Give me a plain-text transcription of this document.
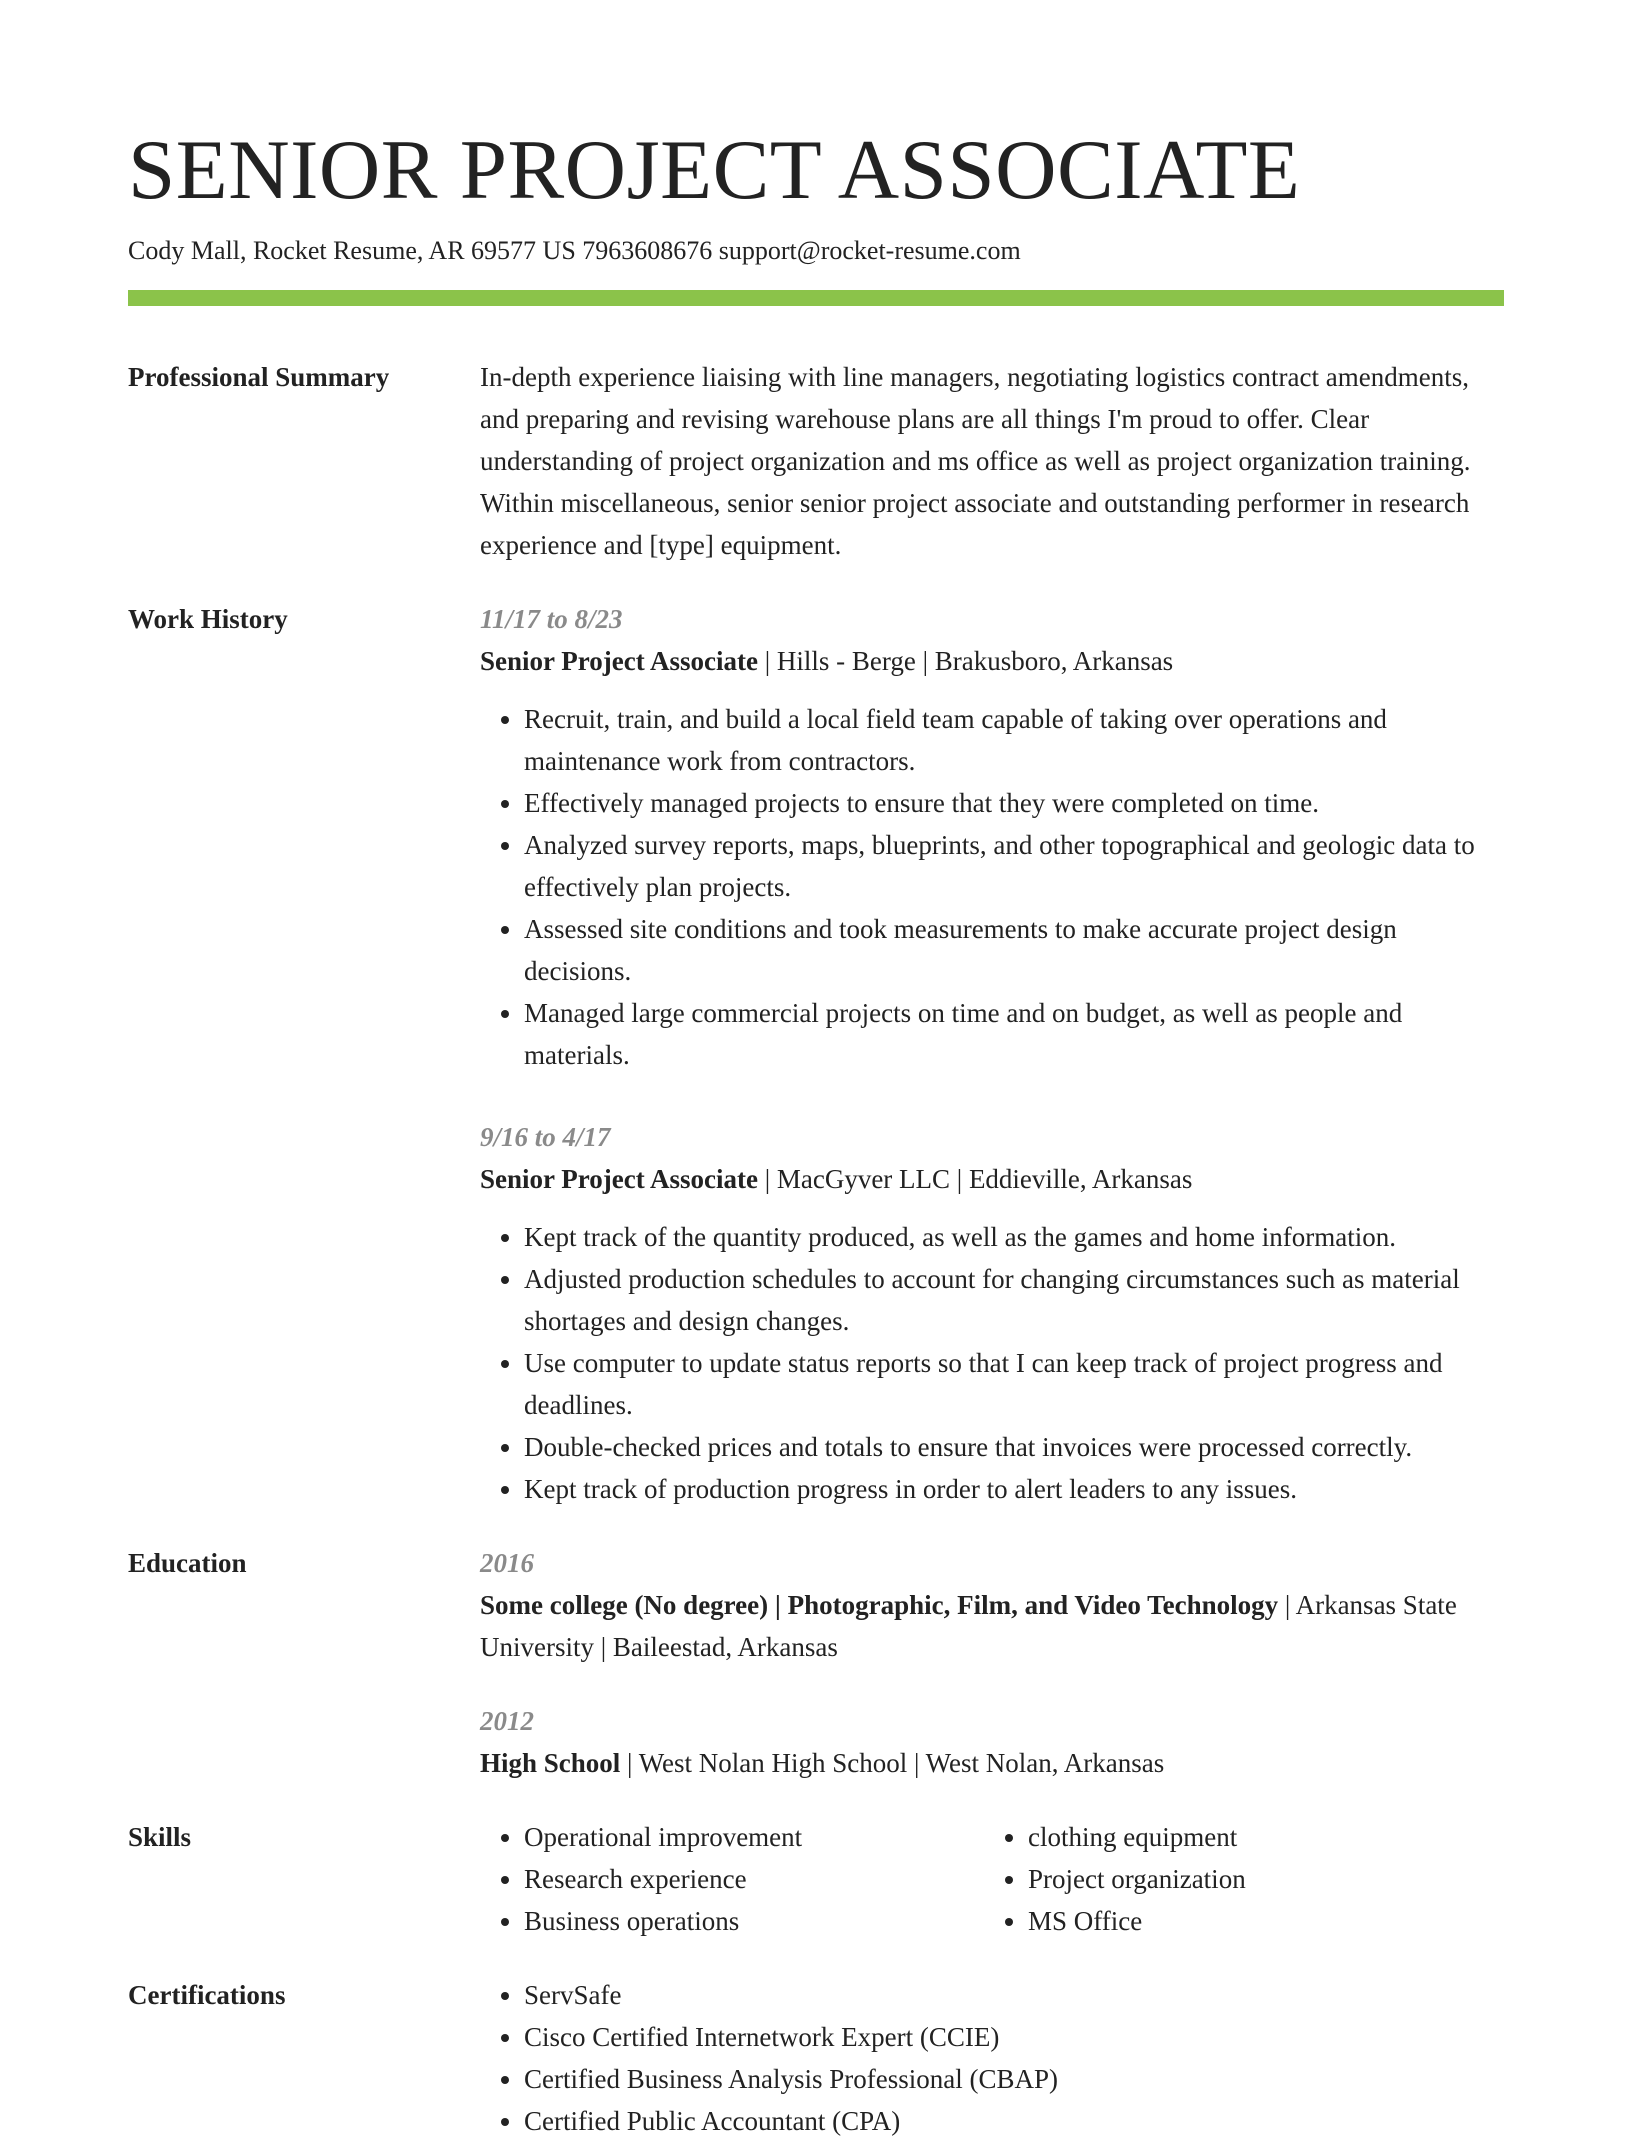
SENIOR PROJECT ASSOCIATE
Cody Mall, Rocket Resume, AR 69577 US 7963608676 support@rocket-resume.com
Professional Summary	In-depth experience liaising with line managers, negotiating logistics contract amendments, and preparing and revising warehouse plans are all things I'm proud to offer. Clear understanding of project organization and ms office as well as project organization training. Within miscellaneous, senior senior project associate and outstanding performer in research experience and [type] equipment.
Work History	11/17 to 8/23
Senior Project Associate | Hills - Berge | Brakusboro, Arkansas
• Recruit, train, and build a local field team capable of taking over operations and maintenance work from contractors.
• Effectively managed projects to ensure that they were completed on time.
• Analyzed survey reports, maps, blueprints, and other topographical and geologic data to effectively plan projects.
• Assessed site conditions and took measurements to make accurate project design decisions.
• Managed large commercial projects on time and on budget, as well as people and materials.
9/16 to 4/17
Senior Project Associate | MacGyver LLC | Eddieville, Arkansas
• Kept track of the quantity produced, as well as the games and home information.
• Adjusted production schedules to account for changing circumstances such as material shortages and design changes.
• Use computer to update status reports so that I can keep track of project progress and deadlines.
• Double-checked prices and totals to ensure that invoices were processed correctly.
• Kept track of production progress in order to alert leaders to any issues.
Education	2016
Some college (No degree) | Photographic, Film, and Video Technology | Arkansas State University | Baileestad, Arkansas
2012
High School | West Nolan High School | West Nolan, Arkansas
Skills	• Operational improvement
• Research experience
• Business operations
• clothing equipment
• Project organization
• MS Office
Certifications	• ServSafe
• Cisco Certified Internetwork Expert (CCIE)
• Certified Business Analysis Professional (CBAP)
• Certified Public Accountant (CPA)
